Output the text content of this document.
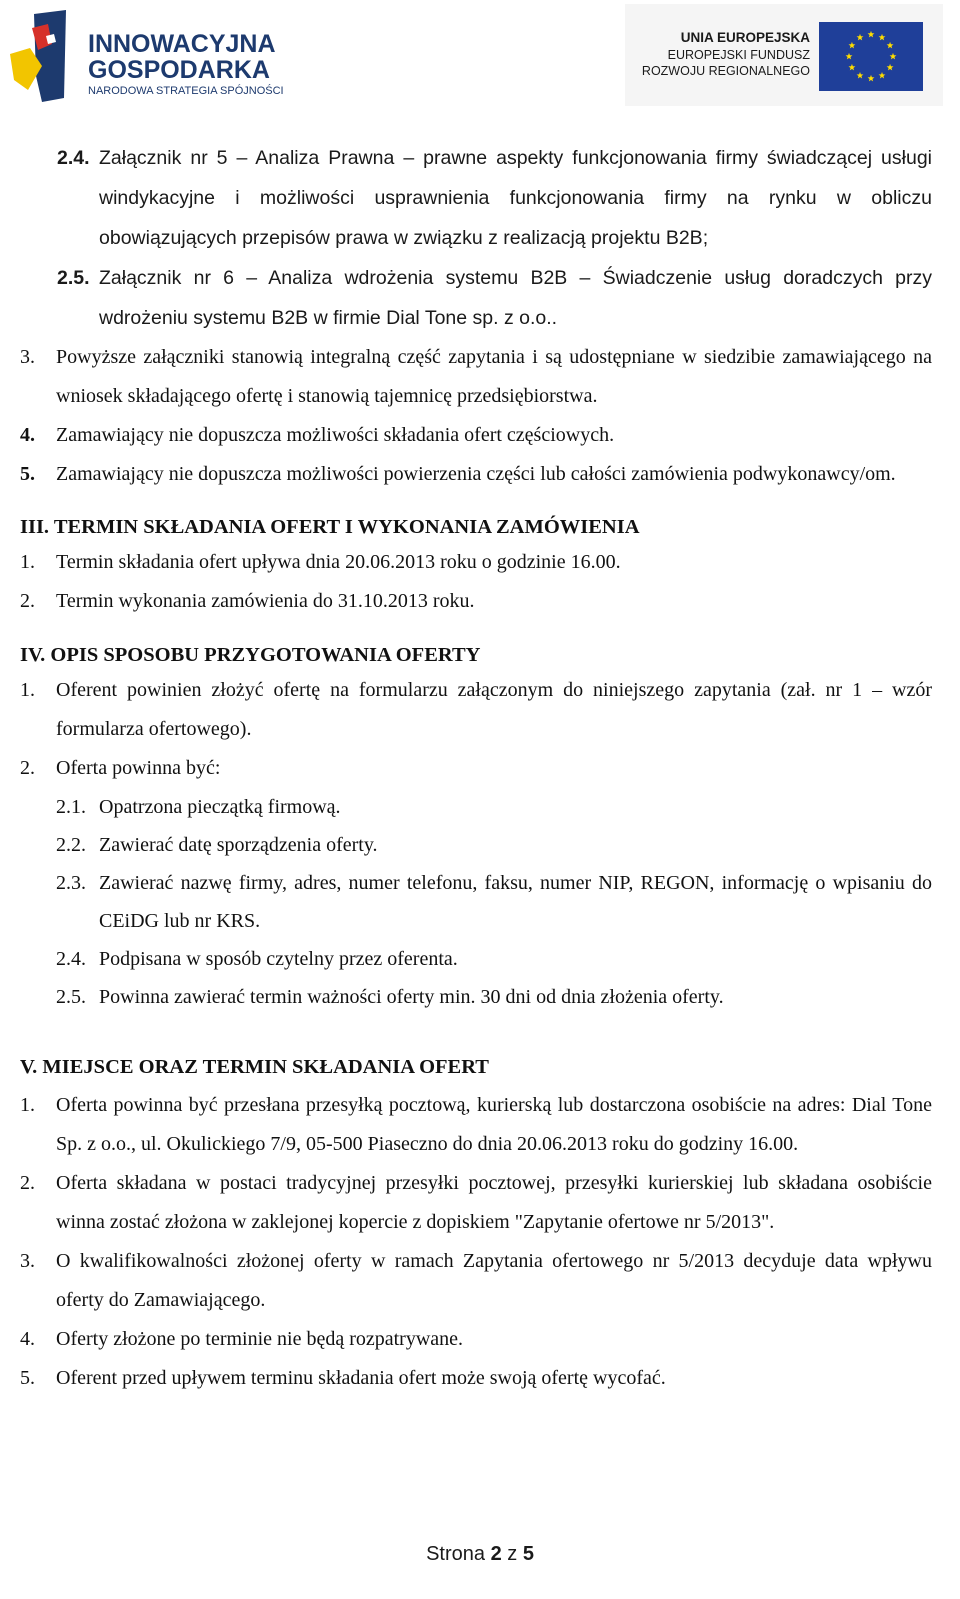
INNOWACYJNA
GOSPODARKA
NARODOWA STRATEGIA SPÓJNOŚCI
UNIA EUROPEJSKA
EUROPEJSKI FUNDUSZ
ROZWOJU REGIONALNEGO
2.4. Załącznik nr 5 – Analiza Prawna – prawne aspekty funkcjonowania firmy świadczącej usługi windykacyjne i możliwości usprawnienia funkcjonowania firmy na rynku w obliczu obowiązujących przepisów prawa w związku z realizacją projektu B2B;
2.5. Załącznik nr 6 – Analiza wdrożenia systemu B2B – Świadczenie usług doradczych przy wdrożeniu systemu B2B w firmie Dial Tone sp. z o.o..
3. Powyższe załączniki stanowią integralną część zapytania i są udostępniane w siedzibie zamawiającego na wniosek składającego ofertę i stanowią tajemnicę przedsiębiorstwa.
4. Zamawiający nie dopuszcza możliwości składania ofert częściowych.
5. Zamawiający nie dopuszcza możliwości powierzenia części lub całości zamówienia podwykonawcy/om.
III. TERMIN SKŁADANIA OFERT I WYKONANIA ZAMÓWIENIA
1. Termin składania ofert upływa dnia 20.06.2013 roku o godzinie 16.00.
2. Termin wykonania zamówienia do 31.10.2013 roku.
IV. OPIS SPOSOBU PRZYGOTOWANIA OFERTY
1. Oferent powinien złożyć ofertę na formularzu załączonym do niniejszego zapytania (zał. nr 1 – wzór formularza ofertowego).
2. Oferta powinna być:
2.1. Opatrzona pieczątką firmową.
2.2. Zawierać datę sporządzenia oferty.
2.3. Zawierać nazwę firmy, adres, numer telefonu, faksu, numer NIP, REGON, informację o wpisaniu do CEiDG lub nr KRS.
2.4. Podpisana w sposób czytelny przez oferenta.
2.5. Powinna zawierać termin ważności oferty min. 30 dni od dnia złożenia oferty.
V. MIEJSCE ORAZ TERMIN SKŁADANIA OFERT
1. Oferta powinna być przesłana przesyłką pocztową, kurierską lub dostarczona osobiście na adres: Dial Tone Sp. z o.o., ul. Okulickiego 7/9, 05-500 Piaseczno do dnia 20.06.2013 roku do godziny 16.00.
2. Oferta składana w postaci tradycyjnej przesyłki pocztowej, przesyłki kurierskiej lub składana osobiście winna zostać złożona w zaklejonej kopercie z dopiskiem "Zapytanie ofertowe nr 5/2013".
3. O kwalifikowalności złożonej oferty w ramach Zapytania ofertowego nr 5/2013 decyduje data wpływu oferty do Zamawiającego.
4. Oferty złożone po terminie nie będą rozpatrywane.
5. Oferent przed upływem terminu składania ofert może swoją ofertę wycofać.
Strona 2 z 5
